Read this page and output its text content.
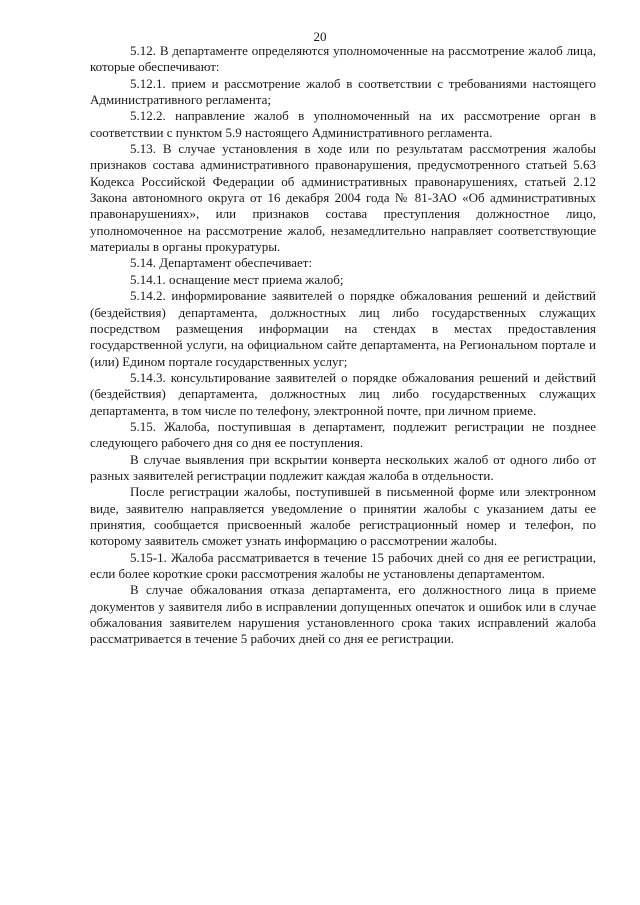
20

5.12. В департаменте определяются уполномоченные на рассмотрение жалоб лица, которые обеспечивают:

5.12.1. прием и рассмотрение жалоб в соответствии с требованиями настоящего Административного регламента;

5.12.2. направление жалоб в уполномоченный на их рассмотрение орган в соответствии с пунктом 5.9 настоящего Административного регламента.

5.13. В случае установления в ходе или по результатам рассмотрения жалобы признаков состава административного правонарушения, предусмотренного статьей 5.63 Кодекса Российской Федерации об административных правонарушениях, статьей 2.12 Закона автономного округа от 16 декабря 2004 года № 81-ЗАО «Об административных правонарушениях», или признаков состава преступления должностное лицо, уполномоченное на рассмотрение жалоб, незамедлительно направляет соответствующие материалы в органы прокуратуры.

5.14. Департамент обеспечивает:

5.14.1. оснащение мест приема жалоб;

5.14.2. информирование заявителей о порядке обжалования решений и действий (бездействия) департамента, должностных лиц либо государственных служащих посредством размещения информации на стендах в местах предоставления государственной услуги, на официальном сайте департамента, на Региональном портале и (или) Едином портале государственных услуг;

5.14.3. консультирование заявителей о порядке обжалования решений и действий (бездействия) департамента, должностных лиц либо государственных служащих департамента, в том числе по телефону, электронной почте, при личном приеме.

5.15. Жалоба, поступившая в департамент, подлежит регистрации не позднее следующего рабочего дня со дня ее поступления.

В случае выявления при вскрытии конверта нескольких жалоб от одного либо от разных заявителей регистрации подлежит каждая жалоба в отдельности.

После регистрации жалобы, поступившей в письменной форме или электронном виде, заявителю направляется уведомление о принятии жалобы с указанием даты ее принятия, сообщается присвоенный жалобе регистрационный номер и телефон, по которому заявитель сможет узнать информацию о рассмотрении жалобы.

5.15-1. Жалоба рассматривается в течение 15 рабочих дней со дня ее регистрации, если более короткие сроки рассмотрения жалобы не установлены департаментом.

В случае обжалования отказа департамента, его должностного лица в приеме документов у заявителя либо в исправлении допущенных опечаток и ошибок или в случае обжалования заявителем нарушения установленного срока таких исправлений жалоба рассматривается в течение 5 рабочих дней со дня ее регистрации.
